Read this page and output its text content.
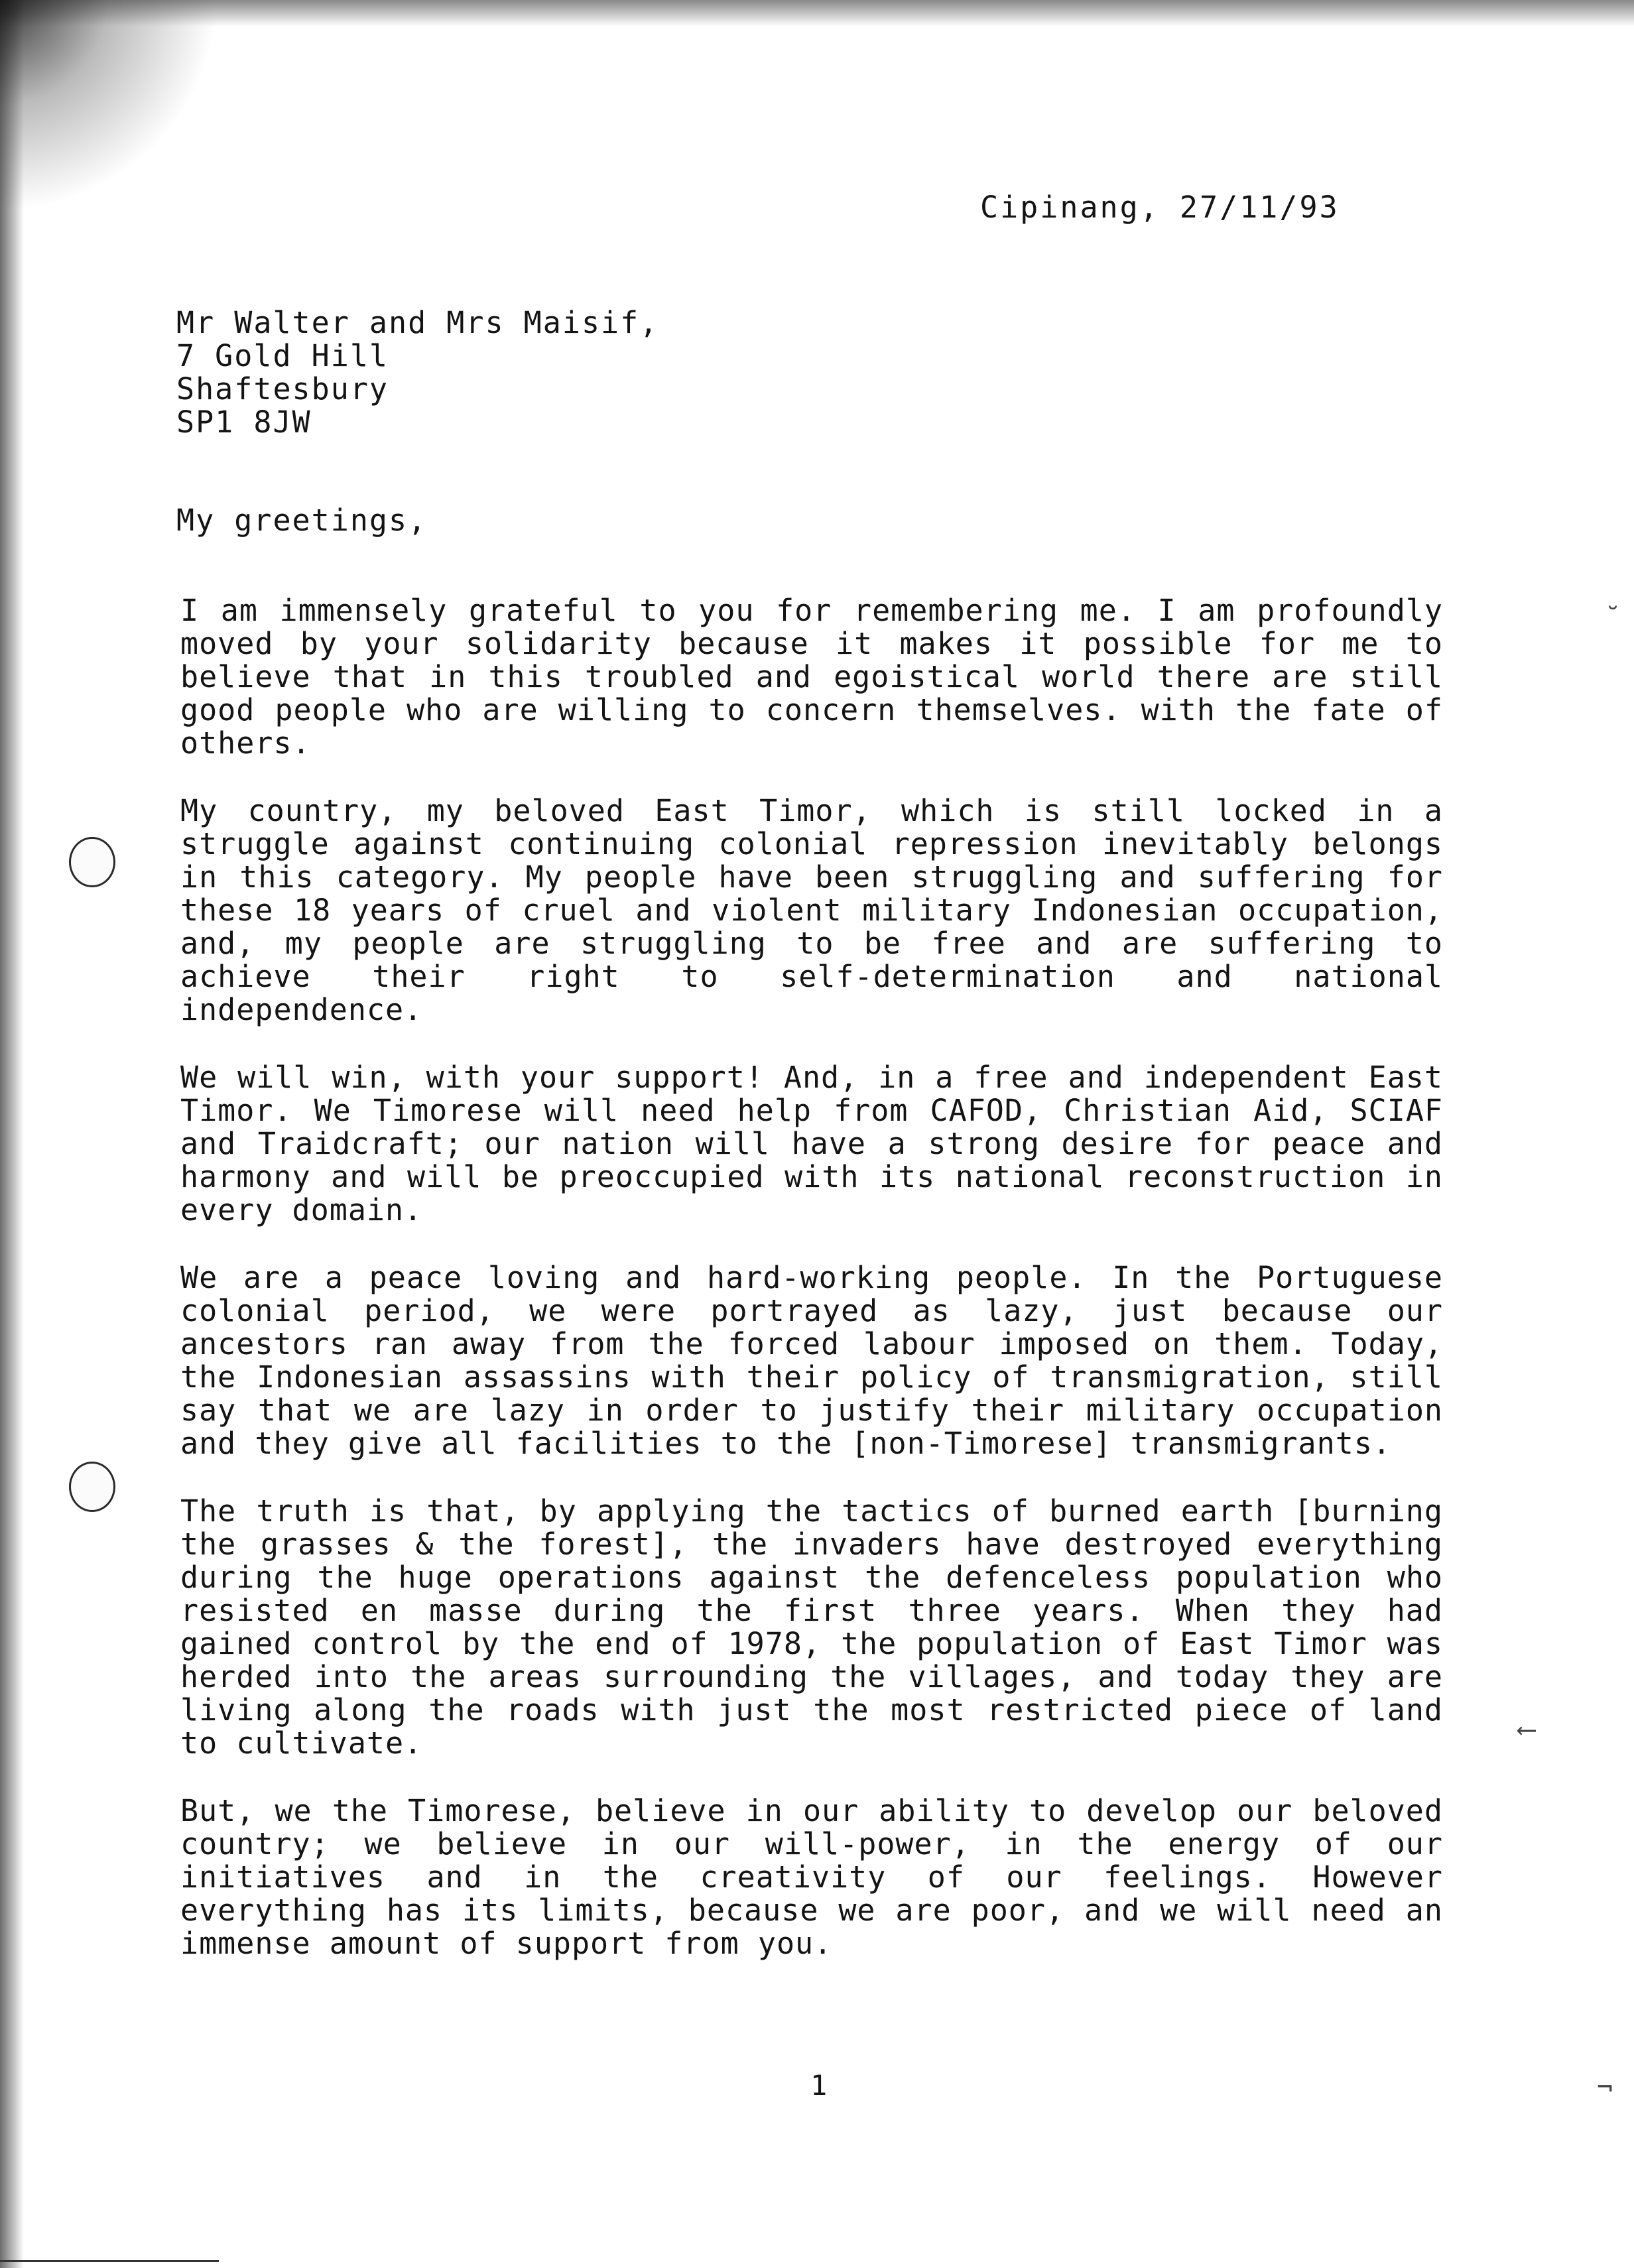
˘
⟵
¬
Cipinang, 27/11/93
Mr Walter and Mrs Maisif,
7 Gold Hill
Shaftesbury
SP1 8JW
My greetings,

I am immensely grateful to you for remembering me. I am profoundly moved by your solidarity because it makes it possible for me to believe that in this troubled and egoistical world there are still good people who are willing to concern themselves. with the fate of others.

My country, my beloved East Timor, which is still locked in a struggle against continuing colonial repression inevitably belongs in this category. My people have been struggling and suffering for these 18 years of cruel and violent military Indonesian occupation, and, my people are struggling to be free and are suffering to achieve their right to self-determination and national independence.

We will win, with your support! And, in a free and independent East Timor. We Timorese will need help from CAFOD, Christian Aid, SCIAF and Traidcraft; our nation will have a strong desire for peace and harmony and will be preoccupied with its national reconstruction in every domain.

We are a peace loving and hard-working people. In the Portuguese colonial period, we were portrayed as lazy, just because our ancestors ran away from the forced labour imposed on them. Today, the Indonesian assassins with their policy of transmigration, still say that we are lazy in order to justify their military occupation and they give all facilities to the [non-Timorese] transmigrants.

The truth is that, by applying the tactics of burned earth [burning the grasses & the forest], the invaders have destroyed everything during the huge operations against the defenceless population who resisted en masse during the first three years. When they had gained control by the end of 1978, the population of East Timor was herded into the areas surrounding the villages, and today they are living along the roads with just the most restricted piece of land to cultivate.

But, we the Timorese, believe in our ability to develop our beloved country; we believe in our will-power, in the energy of our initiatives and in the creativity of our feelings. However everything has its limits, because we are poor, and we will need an immense amount of support from you.

1
